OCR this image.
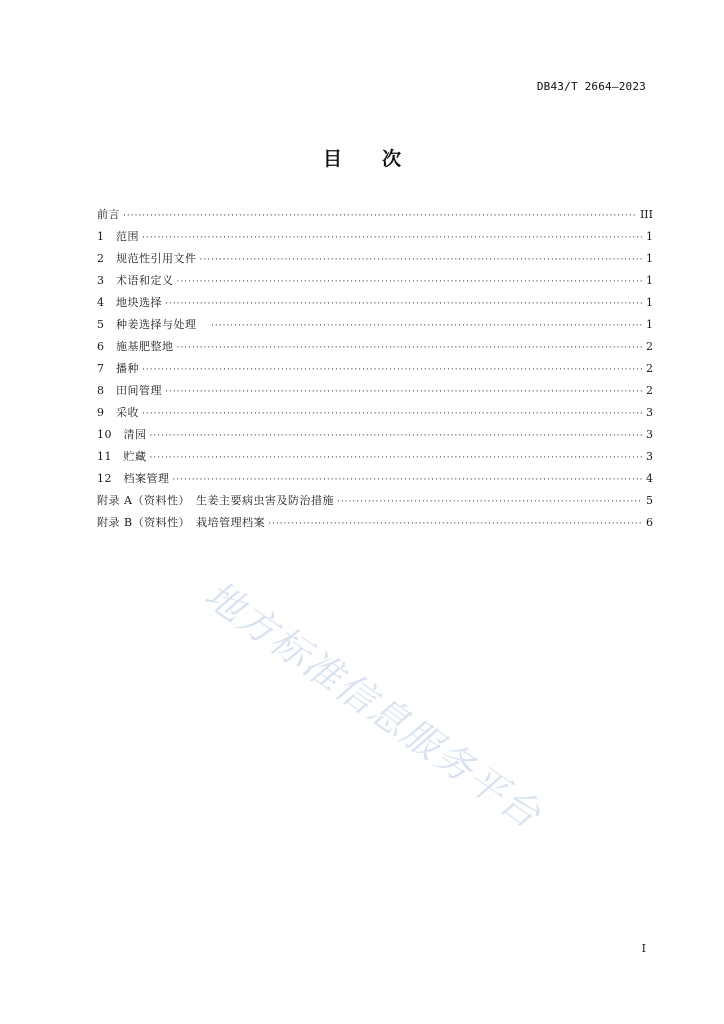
DB43/T 2664—2023
目次
前言 ·····	III
1　范围 ·····	1
2　规范性引用文件 ·····	1
3　术语和定义 ·····	1
4　地块选择 ·····	1
5　种姜选择与处理　 ·····	1
6　施基肥整地 ·····	2
7　播种 ·····	2
8　田间管理 ·····	2
9　采收 ·····	3
10　清园 ·····	3
11　贮藏 ·····	3
12　档案管理 ·····	4
附录 A（资料性）　生姜主要病虫害及防治措施 ·····	5
附录 B（资料性）　栽培管理档案 ·····	6
地方标准信息服务平台
I
